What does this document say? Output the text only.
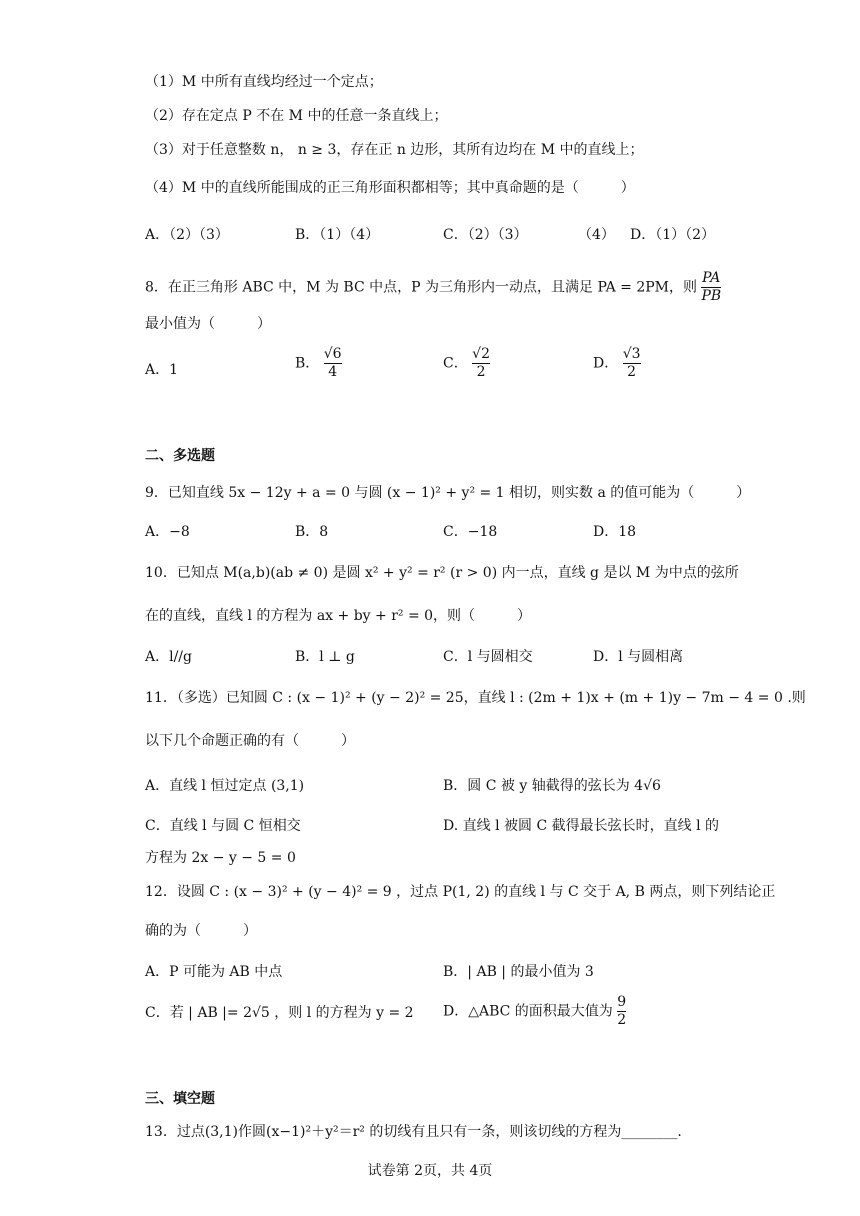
（1）M 中所有直线均经过一个定点；
（2）存在定点 P 不在 M 中的任意一条直线上；
（3）对于任意整数 n， n ≥ 3，存在正 n 边形，其所有边均在 M 中的直线上；
（4）M 中的直线所能围成的正三角形面积都相等；其中真命题的是（　　　）
A．（2）（3）	B．（1）（4）	C．（2）（3）	（4） D．（1）（2）
8．在正三角形 ABC 中，M 为 BC 中点，P 为三角形内一动点，且满足 PA = 2PM，则 $\frac{PA}{PB}$
最小值为（　　　）
A．1	B． $\frac{√6}{4}$	C． $\frac{√2}{2}$	D． $\frac{√3}{2}$
二、多选题
9．已知直线 5x − 12y + a = 0 与圆 (x − 1)² + y² = 1 相切，则实数 a 的值可能为（　　　）
A．−8	B．8	C．−18	D．18
10．已知点 M(a,b)(ab ≠ 0) 是圆 x² + y² = r² (r > 0) 内一点，直线 g 是以 M 为中点的弦所
在的直线，直线 l 的方程为 ax + by + r² = 0，则（　　　）
A．l//g	B．l ⊥ g	C．l 与圆相交	D．l 与圆相离
11．（多选）已知圆 C : (x − 1)² + (y − 2)² = 25，直线 l : (2m + 1)x + (m + 1)y − 7m − 4 = 0 .则
以下几个命题正确的有（　　　）
A．直线 l 恒过定点 (3,1)	B．圆 C 被 y 轴截得的弦长为 4√6
C．直线 l 与圆 C 恒相交	D. 直线 l 被圆 C 截得最长弦长时，直线 l 的
方程为 2x − y − 5 = 0
12．设圆 C : (x − 3)² + (y − 4)² = 9 ，过点 P(1, 2) 的直线 l 与 C 交于 A, B 两点，则下列结论正
确的为（　　　）
A．P 可能为 AB 中点	B．| AB | 的最小值为 3
C．若 | AB |= 2√5 ，则 l 的方程为 y = 2 D．△ABC 的面积最大值为 $\frac{9}{2}$
三、填空题
13．过点(3,1)作圆(x−1)²＋y²＝r² 的切线有且只有一条，则该切线的方程为________.
试卷第 2页，共 4页
